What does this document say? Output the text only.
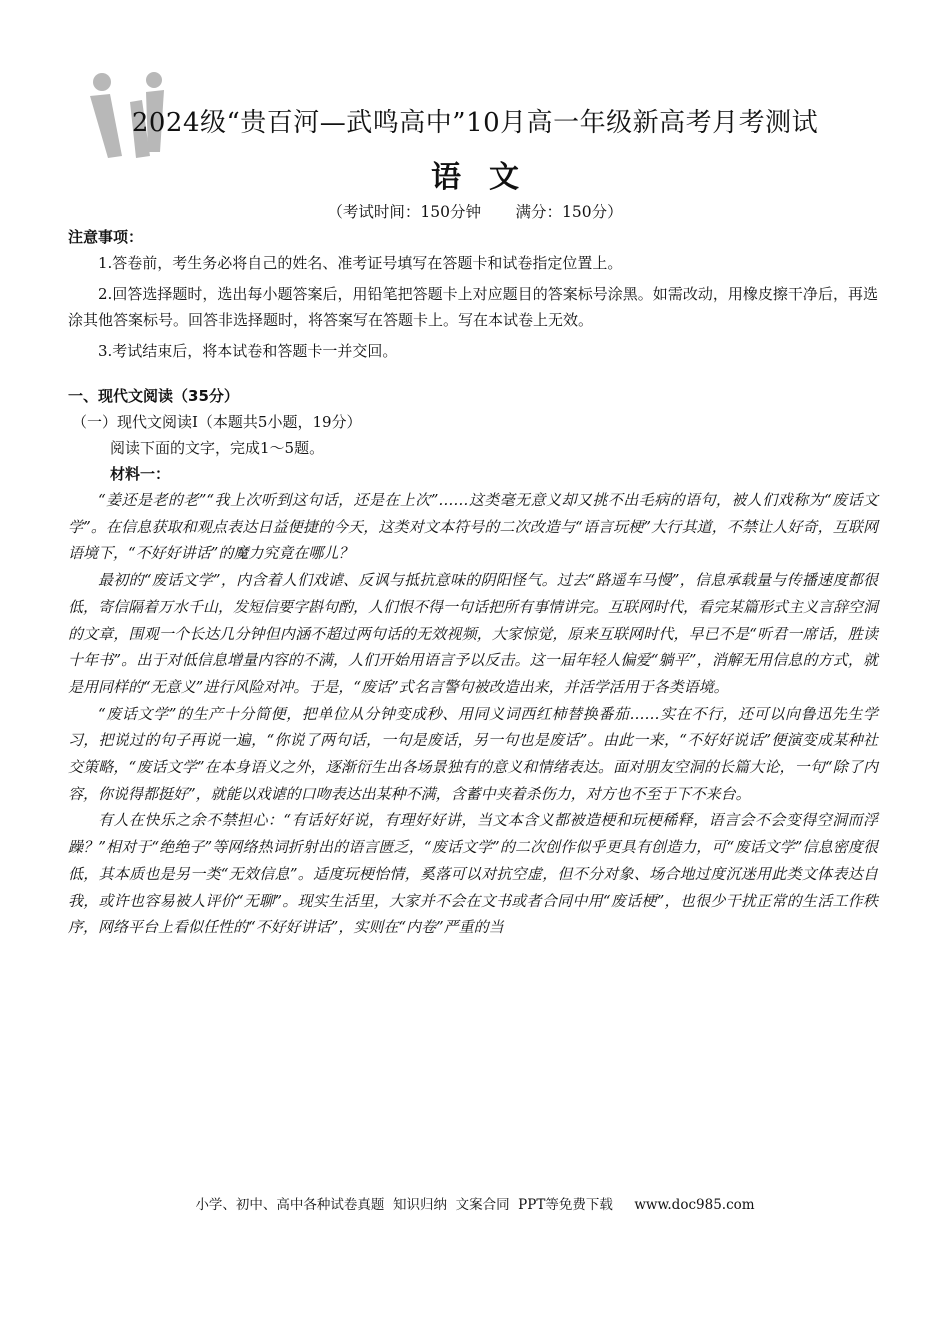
2024级“贵百河—武鸣高中”10月高一年级新高考月考测试
语文
（考试时间：150分钟 满分：150分）
注意事项：

1.答卷前，考生务必将自己的姓名、准考证号填写在答题卡和试卷指定位置上。

2.回答选择题时，选出每小题答案后，用铅笔把答题卡上对应题目的答案标号涂黑。如需改动，用橡皮擦干净后，再选涂其他答案标号。回答非选择题时，将答案写在答题卡上。写在本试卷上无效。

3.考试结束后，将本试卷和答题卡一并交回。

一、现代文阅读（35分）
（一）现代文阅读Ⅰ（本题共5小题，19分）
阅读下面的文字，完成1～5题。
材料一：

“姜还是老的老”“我上次听到这句话，还是在上次”……这类毫无意义却又挑不出毛病的语句，被人们戏称为“废话文学”。在信息获取和观点表达日益便捷的今天，这类对文本符号的二次改造与“语言玩梗”大行其道，不禁让人好奇，互联网语境下，“不好好讲话”的魔力究竟在哪儿？

最初的“废话文学”，内含着人们戏谑、反讽与抵抗意味的阴阳怪气。过去“路遥车马慢”，信息承载量与传播速度都很低，寄信隔着万水千山，发短信要字斟句酌，人们恨不得一句话把所有事情讲完。互联网时代，看完某篇形式主义言辞空洞的文章，围观一个长达几分钟但内涵不超过两句话的无效视频，大家惊觉，原来互联网时代，早已不是“听君一席话，胜读十年书”。出于对低信息增量内容的不满，人们开始用语言予以反击。这一届年轻人偏爱“躺平”，消解无用信息的方式，就是用同样的“无意义”进行风险对冲。于是，“废话”式名言警句被改造出来，并活学活用于各类语境。

“废话文学”的生产十分简便，把单位从分钟变成秒、用同义词西红柿替换番茄……实在不行，还可以向鲁迅先生学习，把说过的句子再说一遍，“你说了两句话，一句是废话，另一句也是废话”。由此一来，“不好好说话”便演变成某种社交策略，“废话文学”在本身语义之外，逐渐衍生出各场景独有的意义和情绪表达。面对朋友空洞的长篇大论，一句“除了内容，你说得都挺好”，就能以戏谑的口吻表达出某种不满，含蓄中夹着杀伤力，对方也不至于下不来台。

有人在快乐之余不禁担心：“有话好好说，有理好好讲，当文本含义都被造梗和玩梗稀释，语言会不会变得空洞而浮躁？”相对于“绝绝子”等网络热词折射出的语言匮乏，“废话文学”的二次创作似乎更具有创造力，可“废话文学”信息密度很低，其本质也是另一类“无效信息”。适度玩梗怡情，奚落可以对抗空虚，但不分对象、场合地过度沉迷用此类文体表达自我，或许也容易被人评价“无聊”。现实生活里，大家并不会在文书或者合同中用“废话梗”，也很少干扰正常的生活工作秩序，网络平台上看似任性的“不好好讲话”，实则在“内卷”严重的当

小学、初中、高中各种试卷真题  知识归纳  文案合同  PPT等免费下载 www.doc985.com
